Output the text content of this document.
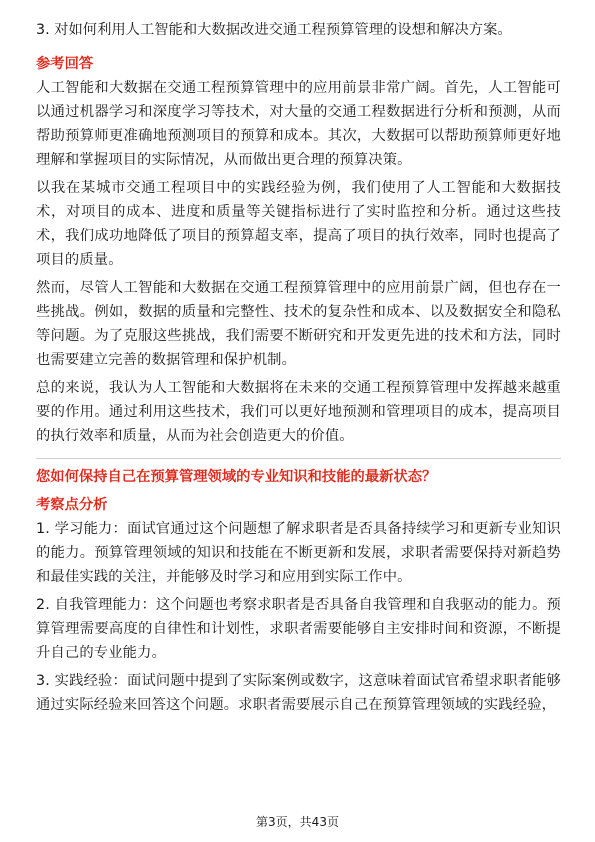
3. 对如何利用人工智能和大数据改进交通工程预算管理的设想和解决方案。

参考回答

人工智能和大数据在交通工程预算管理中的应用前景非常广阔。首先，人工智能可以通过机器学习和深度学习等技术，对大量的交通工程数据进行分析和预测，从而帮助预算师更准确地预测项目的预算和成本。其次，大数据可以帮助预算师更好地理解和掌握项目的实际情况，从而做出更合理的预算决策。

以我在某城市交通工程项目中的实践经验为例，我们使用了人工智能和大数据技术，对项目的成本、进度和质量等关键指标进行了实时监控和分析。通过这些技术，我们成功地降低了项目的预算超支率，提高了项目的执行效率，同时也提高了项目的质量。

然而，尽管人工智能和大数据在交通工程预算管理中的应用前景广阔，但也存在一些挑战。例如，数据的质量和完整性、技术的复杂性和成本、以及数据安全和隐私等问题。为了克服这些挑战，我们需要不断研究和开发更先进的技术和方法，同时也需要建立完善的数据管理和保护机制。

总的来说，我认为人工智能和大数据将在未来的交通工程预算管理中发挥越来越重要的作用。通过利用这些技术，我们可以更好地预测和管理项目的成本，提高项目的执行效率和质量，从而为社会创造更大的价值。

您如何保持自己在预算管理领域的专业知识和技能的最新状态？

考察点分析

1. 学习能力：面试官通过这个问题想了解求职者是否具备持续学习和更新专业知识的能力。预算管理领域的知识和技能在不断更新和发展，求职者需要保持对新趋势和最佳实践的关注，并能够及时学习和应用到实际工作中。

2. 自我管理能力：这个问题也考察求职者是否具备自我管理和自我驱动的能力。预算管理需要高度的自律性和计划性，求职者需要能够自主安排时间和资源，不断提升自己的专业能力。

3. 实践经验：面试问题中提到了实际案例或数字，这意味着面试官希望求职者能够通过实际经验来回答这个问题。求职者需要展示自己在预算管理领域的实践经验，

第3页，共43页
